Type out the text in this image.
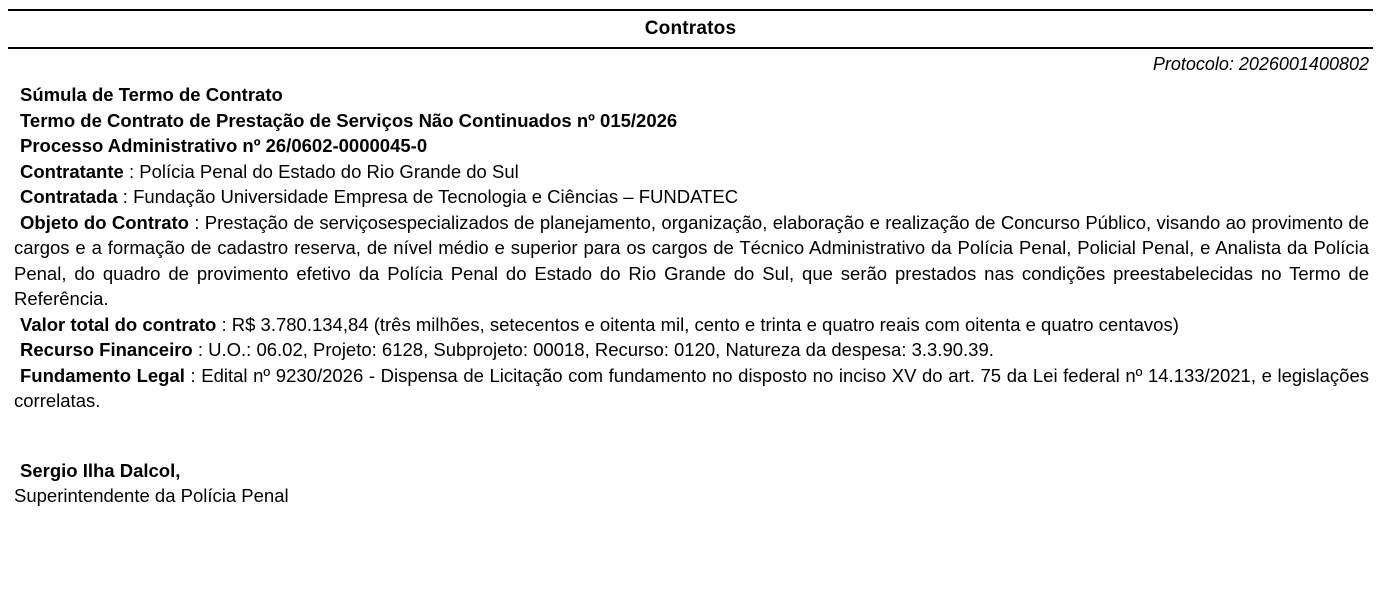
Contratos
Protocolo: 2026001400802
Súmula de Termo de Contrato
Termo de Contrato de Prestação de Serviços Não Continuados nº 015/2026
Processo Administrativo nº 26/0602-0000045-0

Contratante : Polícia Penal do Estado do Rio Grande do Sul

Contratada : Fundação Universidade Empresa de Tecnologia e Ciências – FUNDATEC

Objeto do Contrato : Prestação de serviçosespecializados de planejamento, organização, elaboração e realização de Concurso Público, visando ao provimento de cargos e a formação de cadastro reserva, de nível médio e superior para os cargos de Técnico Administrativo da Polícia Penal, Policial Penal, e Analista da Polícia Penal, do quadro de provimento efetivo da Polícia Penal do Estado do Rio Grande do Sul, que serão prestados nas condições preestabelecidas no Termo de Referência.

Valor total do contrato : R$ 3.780.134,84 (três milhões, setecentos e oitenta mil, cento e trinta e quatro reais com oitenta e quatro centavos)

Recurso Financeiro : U.O.: 06.02, Projeto: 6128, Subprojeto: 00018, Recurso: 0120, Natureza da despesa: 3.3.90.39.

Fundamento Legal : Edital nº 9230/2026 - Dispensa de Licitação com fundamento no disposto no inciso XV do art. 75 da Lei federal nº 14.133/2021, e legislações correlatas.

Sergio Ilha Dalcol,
Superintendente da Polícia Penal
